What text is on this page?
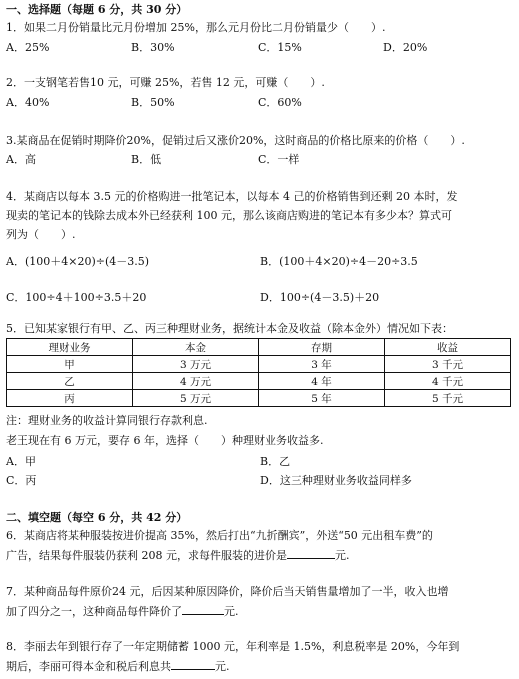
一、选择题（每题 6 分，共 30 分）
1．如果二月份销量比元月份增加 25%，那么元月份比二月份销量少（　　）.
A．25%	B．30%	C．15%	D．20%
2．一支钢笔若售10 元，可赚 25%，若售 12 元，可赚（　　）.
A．40%	B．50%	C．60%
3.某商品在促销时期降价20%，促销过后又涨价20%，这时商品的价格比原来的价格（　　）.
A．高	B．低	C．一样
4．某商店以每本 3.5 元的价格购进一批笔记本，以每本 4 己的价格销售到还剩 20 本时，发
现卖的笔记本的钱除去成本外已经获利 100 元，那么该商店购进的笔记本有多少本？算式可
列为（　　）.
A．(100＋4×20)÷(4－3.5)	B．(100＋4×20)÷4－20÷3.5
C．100÷4＋100÷3.5＋20	D．100÷(4－3.5)＋20
5．已知某家银行有甲、乙、丙三种理财业务，据统计本金及收益（除本金外）情况如下表：
理财业务	本金	存期	收益
甲	3 万元	3 年	3 千元
乙	4 万元	4 年	4 千元
丙	5 万元	5 年	5 千元
注：理财业务的收益计算同银行存款利息.
老王现在有 6 万元，要存 6 年，选择（　　）种理财业务收益多.
A．甲	B．乙
C．丙	D．这三种理财业务收益同样多
二、填空题（每空 6 分，共 42 分）
6．某商店将某种服装按进价提高 35%，然后打出“九折酬宾”，外送“50 元出租车费”的
广告，结果每件服装仍获利 208 元，求每件服装的进价是	元.
7．某种商品每件原价24 元，后因某种原因降价，降价后当天销售量增加了一半，收入也增
加了四分之一，这种商品每件降价了	元.
8．李丽去年到银行存了一年定期储蓄 1000 元，年利率是 1.5%，利息税率是 20%，今年到
期后，李丽可得本金和税后利息共	元.
